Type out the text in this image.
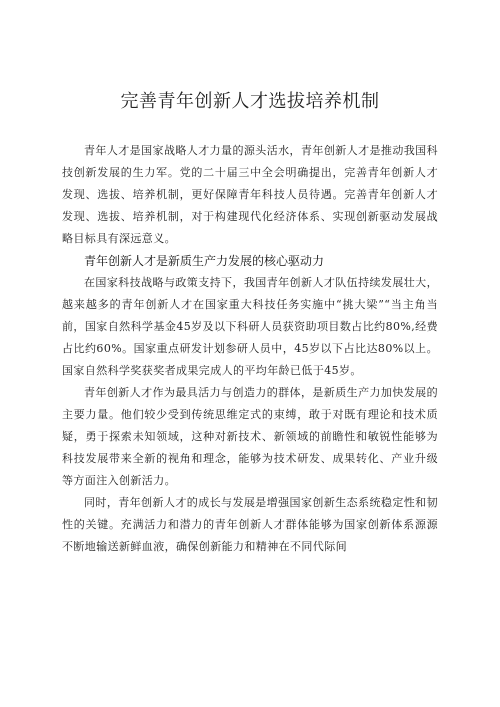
完善青年创新人才选拔培养机制

青年人才是国家战略人才力量的源头活水，青年创新人才是推动我国科技创新发展的生力军。党的二十届三中全会明确提出，完善青年创新人才发现、选拔、培养机制，更好保障青年科技人员待遇。完善青年创新人才发现、选拔、培养机制，对于构建现代化经济体系、实现创新驱动发展战略目标具有深远意义。

青年创新人才是新质生产力发展的核心驱动力

在国家科技战略与政策支持下，我国青年创新人才队伍持续发展壮大，越来越多的青年创新人才在国家重大科技任务实施中“挑大梁”“当主角当前，国家自然科学基金45岁及以下科研人员获资助项目数占比约80%,经费占比约60%。国家重点研发计划参研人员中，45岁以下占比达80%以上。国家自然科学奖获奖者成果完成人的平均年龄已低于45岁。

青年创新人才作为最具活力与创造力的群体，是新质生产力加快发展的主要力量。他们较少受到传统思维定式的束缚，敢于对既有理论和技术质疑，勇于探索未知领域，这种对新技术、新领域的前瞻性和敏锐性能够为科技发展带来全新的视角和理念，能够为技术研发、成果转化、产业升级等方面注入创新活力。

同时，青年创新人才的成长与发展是增强国家创新生态系统稳定性和韧性的关键。充满活力和潜力的青年创新人才群体能够为国家创新体系源源不断地输送新鲜血液，确保创新能力和精神在不同代际间
